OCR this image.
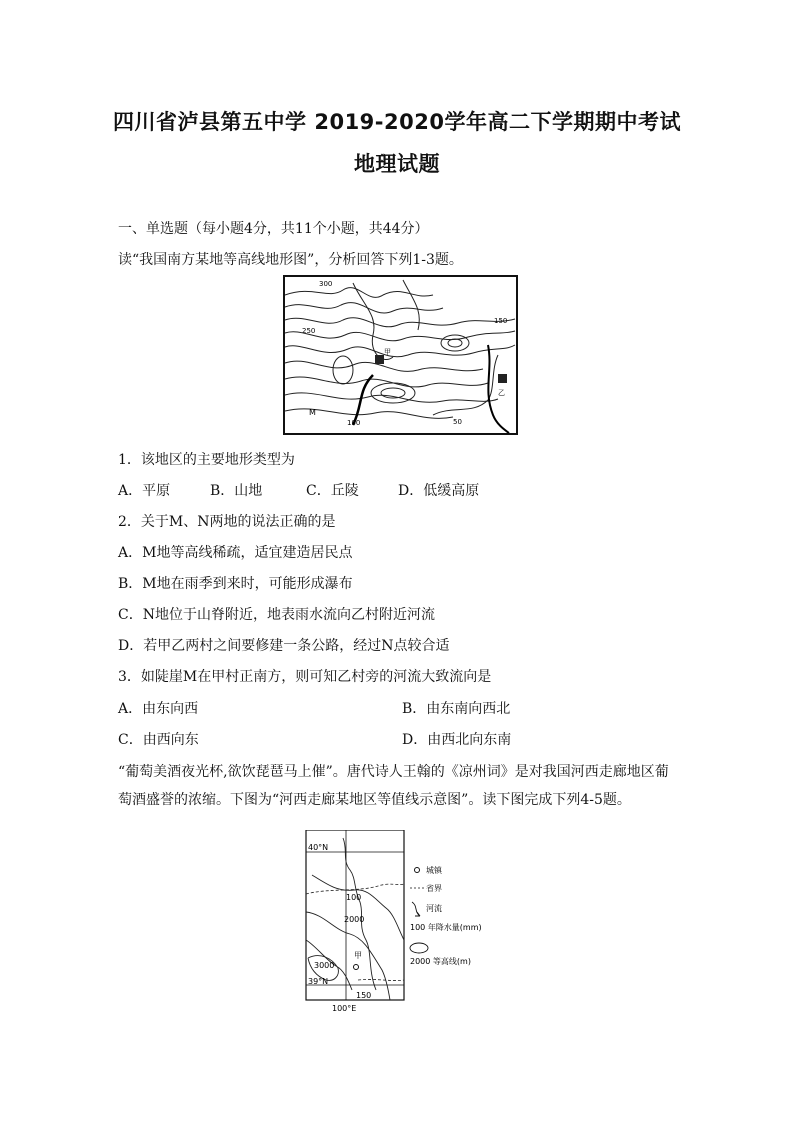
四川省泸县第五中学 2019-2020学年高二下学期期中考试
地理试题
一、单选题（每小题4分，共11个小题，共44分）
读“我国南方某地等高线地形图”，分析回答下列1-3题。
300
250
甲
150
M
100	50
乙
1．该地区的主要地形类型为
A．平原	B．山地	C．丘陵	D．低缓高原
2．关于M、N两地的说法正确的是
A．M地等高线稀疏，适宜建造居民点
B．M地在雨季到来时，可能形成瀑布
C．N地位于山脊附近，地表雨水流向乙村附近河流
D．若甲乙两村之间要修建一条公路，经过N点较合适
3．如陡崖M在甲村正南方，则可知乙村旁的河流大致流向是
A．由东向西	B．由东南向西北
C．由西向东	D．由西北向东南
“葡萄美酒夜光杯,欲饮琵琶马上催”。唐代诗人王翰的《凉州词》是对我国河西走廊地区葡萄酒盛誉的浓缩。下图为“河西走廊某地区等值线示意图”。读下图完成下列4-5题。
40°N
39°N
100°E
100
2000
3000
甲
150
城镇
省界
河流
100 年降水量(mm)
2000 等高线(m)
